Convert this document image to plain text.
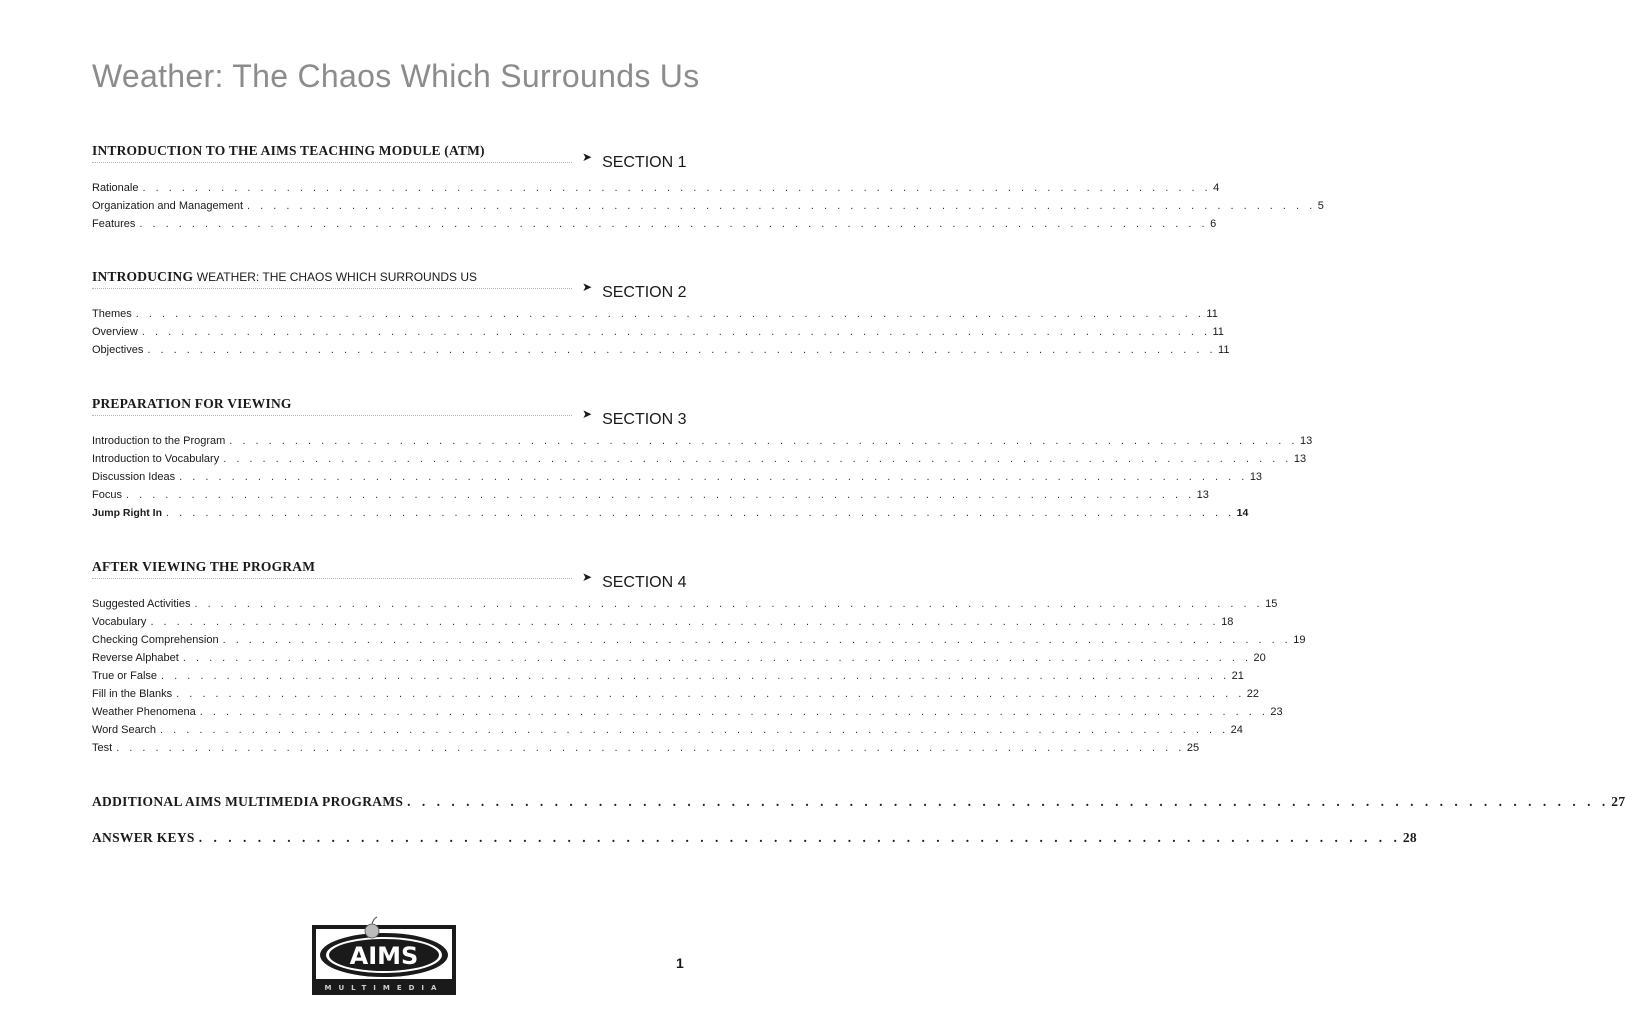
Weather: The Chaos Which Surrounds Us
INTRODUCTION TO THE AIMS TEACHING MODULE (ATM)	➤ SECTION 1
Rationale . . . . . . . . . . . . . . . . . . . . . . . . . . . . . . . . . . . . . . . . . . . . . . . . . . . . . . . . . . . . . . . . . . . . . . . . . . . . . . . . . . 4
Organization and Management . . . . . . . . . . . . . . . . . . . . . . . . . . . . . . . . . . . . . . . . . . . . . . . . . . . . . . . . . . . . . . . . . . . . . . . . . . . . . . . . . . 5
Features . . . . . . . . . . . . . . . . . . . . . . . . . . . . . . . . . . . . . . . . . . . . . . . . . . . . . . . . . . . . . . . . . . . . . . . . . . . . . . . . . . 6
INTRODUCING WEATHER: THE CHAOS WHICH SURROUNDS US
➤ SECTION 2
Themes . . . . . . . . . . . . . . . . . . . . . . . . . . . . . . . . . . . . . . . . . . . . . . . . . . . . . . . . . . . . . . . . . . . . . . . . . . . . . . . . . . 11
Overview . . . . . . . . . . . . . . . . . . . . . . . . . . . . . . . . . . . . . . . . . . . . . . . . . . . . . . . . . . . . . . . . . . . . . . . . . . . . . . . . . . 11
Objectives . . . . . . . . . . . . . . . . . . . . . . . . . . . . . . . . . . . . . . . . . . . . . . . . . . . . . . . . . . . . . . . . . . . . . . . . . . . . . . . . . . 11
PREPARATION FOR VIEWING
➤ SECTION 3
Introduction to the Program . . . . . . . . . . . . . . . . . . . . . . . . . . . . . . . . . . . . . . . . . . . . . . . . . . . . . . . . . . . . . . . . . . . . . . . . . . . . . . . . . . 13
Introduction to Vocabulary . . . . . . . . . . . . . . . . . . . . . . . . . . . . . . . . . . . . . . . . . . . . . . . . . . . . . . . . . . . . . . . . . . . . . . . . . . . . . . . . . . 13
Discussion Ideas . . . . . . . . . . . . . . . . . . . . . . . . . . . . . . . . . . . . . . . . . . . . . . . . . . . . . . . . . . . . . . . . . . . . . . . . . . . . . . . . . . 13
Focus . . . . . . . . . . . . . . . . . . . . . . . . . . . . . . . . . . . . . . . . . . . . . . . . . . . . . . . . . . . . . . . . . . . . . . . . . . . . . . . . . . 13
Jump Right In . . . . . . . . . . . . . . . . . . . . . . . . . . . . . . . . . . . . . . . . . . . . . . . . . . . . . . . . . . . . . . . . . . . . . . . . . . . . . . . . . . 14
AFTER VIEWING THE PROGRAM
➤ SECTION 4
Suggested Activities . . . . . . . . . . . . . . . . . . . . . . . . . . . . . . . . . . . . . . . . . . . . . . . . . . . . . . . . . . . . . . . . . . . . . . . . . . . . . . . . . . 15
Vocabulary . . . . . . . . . . . . . . . . . . . . . . . . . . . . . . . . . . . . . . . . . . . . . . . . . . . . . . . . . . . . . . . . . . . . . . . . . . . . . . . . . . 18
Checking Comprehension . . . . . . . . . . . . . . . . . . . . . . . . . . . . . . . . . . . . . . . . . . . . . . . . . . . . . . . . . . . . . . . . . . . . . . . . . . . . . . . . . . 19
Reverse Alphabet . . . . . . . . . . . . . . . . . . . . . . . . . . . . . . . . . . . . . . . . . . . . . . . . . . . . . . . . . . . . . . . . . . . . . . . . . . . . . . . . . . 20
True or False . . . . . . . . . . . . . . . . . . . . . . . . . . . . . . . . . . . . . . . . . . . . . . . . . . . . . . . . . . . . . . . . . . . . . . . . . . . . . . . . . . 21
Fill in the Blanks . . . . . . . . . . . . . . . . . . . . . . . . . . . . . . . . . . . . . . . . . . . . . . . . . . . . . . . . . . . . . . . . . . . . . . . . . . . . . . . . . . 22
Weather Phenomena . . . . . . . . . . . . . . . . . . . . . . . . . . . . . . . . . . . . . . . . . . . . . . . . . . . . . . . . . . . . . . . . . . . . . . . . . . . . . . . . . . 23
Word Search . . . . . . . . . . . . . . . . . . . . . . . . . . . . . . . . . . . . . . . . . . . . . . . . . . . . . . . . . . . . . . . . . . . . . . . . . . . . . . . . . . 24
Test . . . . . . . . . . . . . . . . . . . . . . . . . . . . . . . . . . . . . . . . . . . . . . . . . . . . . . . . . . . . . . . . . . . . . . . . . . . . . . . . . . 25
ADDITIONAL AIMS MULTIMEDIA PROGRAMS . . . . . . . . . . . . . . . . . . . . . . . . . . . . . . . . . . . . . . . . . . . . . . . . . . . . . . . . . . . . . . . . . . . . . . . . . . . . . . . . . . 27
ANSWER KEYS . . . . . . . . . . . . . . . . . . . . . . . . . . . . . . . . . . . . . . . . . . . . . . . . . . . . . . . . . . . . . . . . . . . . . . . . . . . . . . . . . . 28
AIMS
MULTIMEDIA
1
